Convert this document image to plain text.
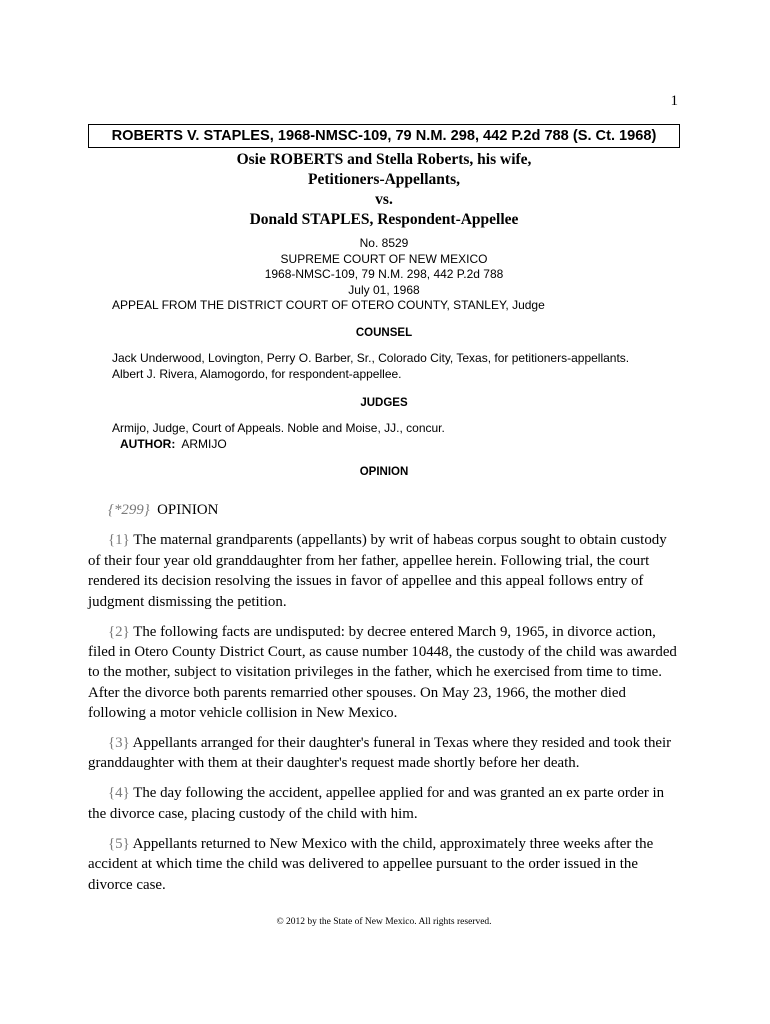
1
ROBERTS V. STAPLES, 1968-NMSC-109, 79 N.M. 298, 442 P.2d 788 (S. Ct. 1968)
Osie ROBERTS and Stella Roberts, his wife,
Petitioners-Appellants,
vs.
Donald STAPLES, Respondent-Appellee
No. 8529
SUPREME COURT OF NEW MEXICO
1968-NMSC-109, 79 N.M. 298, 442 P.2d 788
July 01, 1968
APPEAL FROM THE DISTRICT COURT OF OTERO COUNTY, STANLEY, Judge
COUNSEL
Jack Underwood, Lovington, Perry O. Barber, Sr., Colorado City, Texas, for petitioners-appellants.
Albert J. Rivera, Alamogordo, for respondent-appellee.
JUDGES
Armijo, Judge, Court of Appeals. Noble and Moise, JJ., concur.
AUTHOR: ARMIJO
OPINION

{*299} OPINION

{1} The maternal grandparents (appellants) by writ of habeas corpus sought to obtain custody of their four year old granddaughter from her father, appellee herein. Following trial, the court rendered its decision resolving the issues in favor of appellee and this appeal follows entry of judgment dismissing the petition.

{2} The following facts are undisputed: by decree entered March 9, 1965, in divorce action, filed in Otero County District Court, as cause number 10448, the custody of the child was awarded to the mother, subject to visitation privileges in the father, which he exercised from time to time. After the divorce both parents remarried other spouses. On May 23, 1966, the mother died following a motor vehicle collision in New Mexico.

{3} Appellants arranged for their daughter's funeral in Texas where they resided and took their granddaughter with them at their daughter's request made shortly before her death.

{4} The day following the accident, appellee applied for and was granted an ex parte order in the divorce case, placing custody of the child with him.

{5} Appellants returned to New Mexico with the child, approximately three weeks after the accident at which time the child was delivered to appellee pursuant to the order issued in the divorce case.

© 2012 by the State of New Mexico. All rights reserved.
